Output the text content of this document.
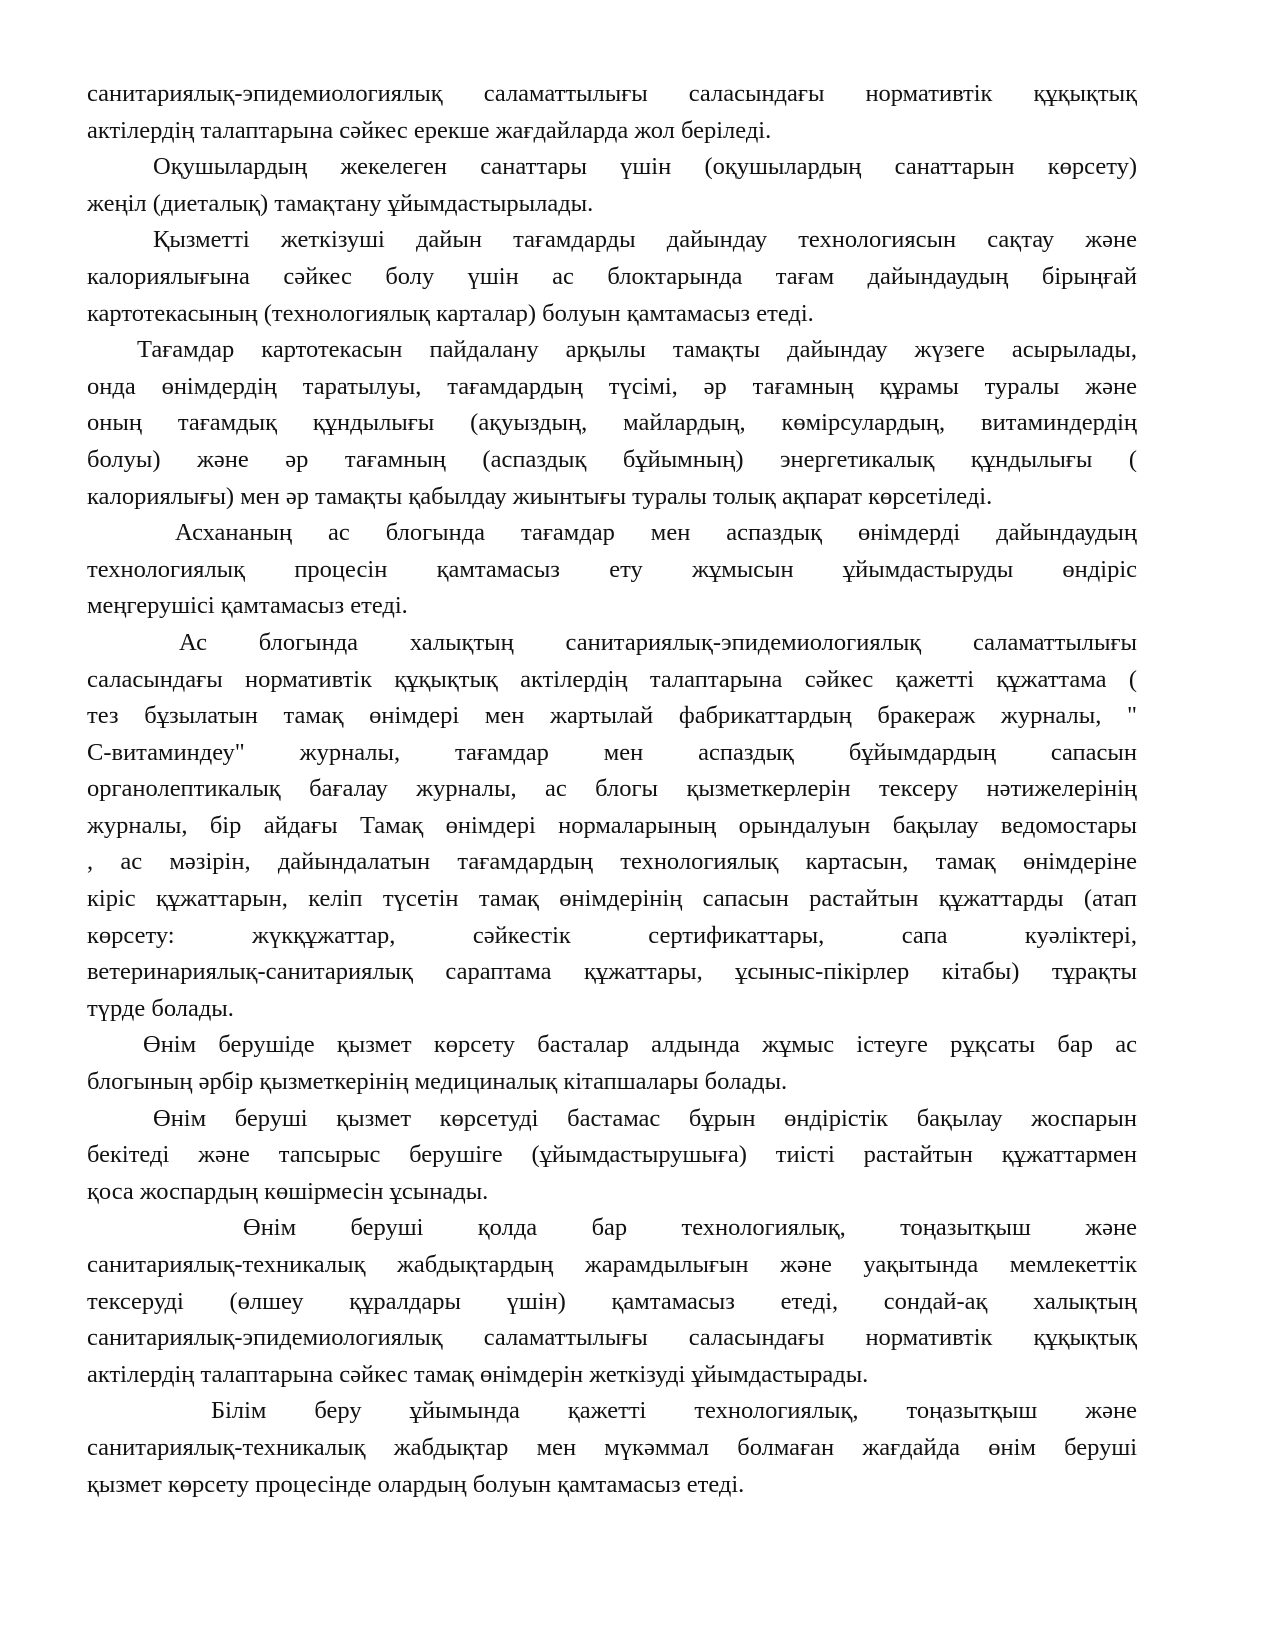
санитариялық-эпидемиологиялық саламаттылығы саласындағы нормативтік құқықтық
актілердің талаптарына сәйкес ерекше жағдайларда жол беріледі.
Оқушылардың жекелеген санаттары үшін (оқушылардың санаттарын көрсету)
жеңіл (диеталық) тамақтану ұйымдастырылады.
Қызметті жеткізуші дайын тағамдарды дайындау технологиясын сақтау және
калориялығына сәйкес болу үшін ас блоктарында тағам дайындаудың бірыңғай
картотекасының (технологиялық карталар) болуын қамтамасыз етеді.
Тағамдар картотекасын пайдалану арқылы тамақты дайындау жүзеге асырылады,
онда өнімдердің таратылуы, тағамдардың түсімі, әр тағамның құрамы туралы және
оның тағамдық құндылығы (ақуыздың, майлардың, көмірсулардың, витаминдердің
болуы) және әр тағамның (аспаздық бұйымның) энергетикалық құндылығы (
калориялығы) мен әр тамақты қабылдау жиынтығы туралы толық ақпарат көрсетіледі.
Асхананың ас блогында тағамдар мен аспаздық өнімдерді дайындаудың
технологиялық процесін қамтамасыз ету жұмысын ұйымдастыруды өндіріс
меңгерушісі қамтамасыз етеді.
Ас блогында халықтың санитариялық-эпидемиологиялық саламаттылығы
саласындағы нормативтік құқықтық актілердің талаптарына сәйкес қажетті құжаттама (
тез бұзылатын тамақ өнімдері мен жартылай фабрикаттардың бракераж журналы, "
С-витаминдеу" журналы, тағамдар мен аспаздық бұйымдардың сапасын
органолептикалық бағалау журналы, ас блогы қызметкерлерін тексеру нәтижелерінің
журналы, бір айдағы Тамақ өнімдері нормаларының орындалуын бақылау ведомостары
, ас мәзірін, дайындалатын тағамдардың технологиялық картасын, тамақ өнімдеріне
кіріс құжаттарын, келіп түсетін тамақ өнімдерінің сапасын растайтын құжаттарды (атап
көрсету: жүкқұжаттар, сәйкестік сертификаттары, сапа куәліктері,
ветеринариялық-санитариялық сараптама құжаттары, ұсыныс-пікірлер кітабы) тұрақты
түрде болады.
Өнім берушіде қызмет көрсету басталар алдында жұмыс істеуге рұқсаты бар ас
блогының әрбір қызметкерінің медициналық кітапшалары болады.
Өнім беруші қызмет көрсетуді бастамас бұрын өндірістік бақылау жоспарын
бекітеді және тапсырыс берушіге (ұйымдастырушыға) тиісті растайтын құжаттармен
қоса жоспардың көшірмесін ұсынады.
Өнім беруші қолда бар технологиялық, тоңазытқыш және
санитариялық-техникалық жабдықтардың жарамдылығын және уақытында мемлекеттік
тексеруді (өлшеу құралдары үшін) қамтамасыз етеді, сондай-ақ халықтың
санитариялық-эпидемиологиялық саламаттылығы саласындағы нормативтік құқықтық
актілердің талаптарына сәйкес тамақ өнімдерін жеткізуді ұйымдастырады.
Білім беру ұйымында қажетті технологиялық, тоңазытқыш және
санитариялық-техникалық жабдықтар мен мүкәммал болмаған жағдайда өнім беруші
қызмет көрсету процесінде олардың болуын қамтамасыз етеді.
